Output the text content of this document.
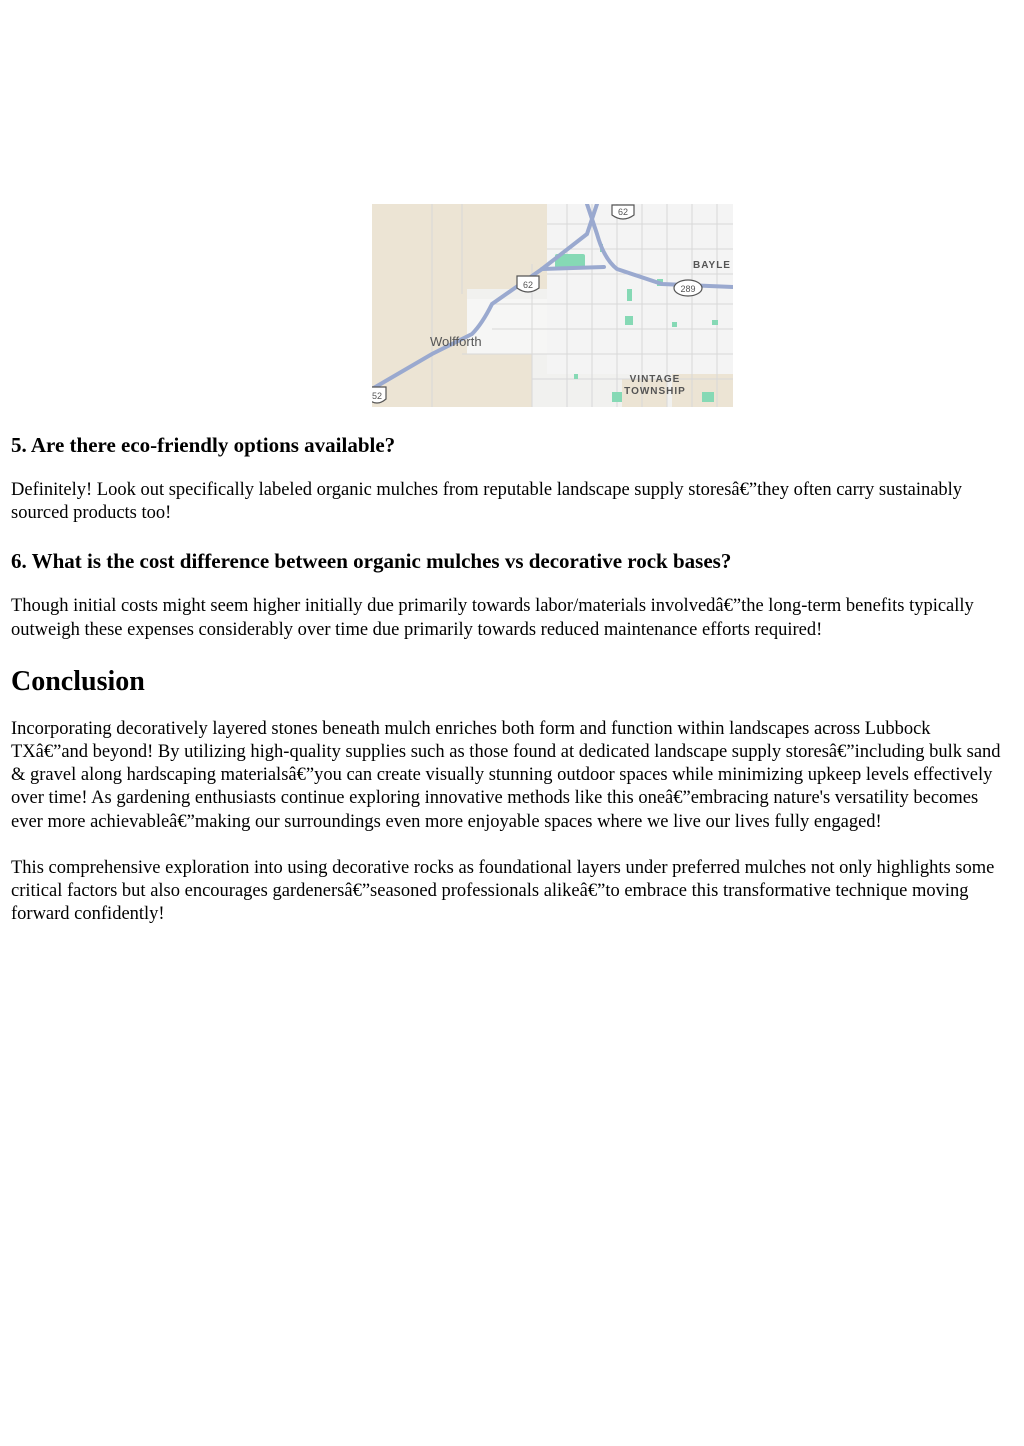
62
62
52
289
Wolfforth
BAYLE
VINTAGE
TOWNSHIP
5. Are there eco-friendly options available?

Definitely! Look out specifically labeled organic mulches from reputable landscape supply storesâ€”they often carry sustainably sourced products too!

6. What is the cost difference between organic mulches vs decorative rock bases?

Though initial costs might seem higher initially due primarily towards labor/materials involvedâ€”the long-term benefits typically outweigh these expenses considerably over time due primarily towards reduced maintenance efforts required!

Conclusion

Incorporating decoratively layered stones beneath mulch enriches both form and function within landscapes across Lubbock TXâ€”and beyond! By utilizing high-quality supplies such as those found at dedicated landscape supply storesâ€”including bulk sand & gravel along hardscaping materialsâ€”you can create visually stunning outdoor spaces while minimizing upkeep levels effectively over time! As gardening enthusiasts continue exploring innovative methods like this oneâ€”embracing nature's versatility becomes ever more achievableâ€”making our surroundings even more enjoyable spaces where we live our lives fully engaged!

This comprehensive exploration into using decorative rocks as foundational layers under preferred mulches not only highlights some critical factors but also encourages gardenersâ€”seasoned professionals alikeâ€”to embrace this transformative technique moving forward confidently!
